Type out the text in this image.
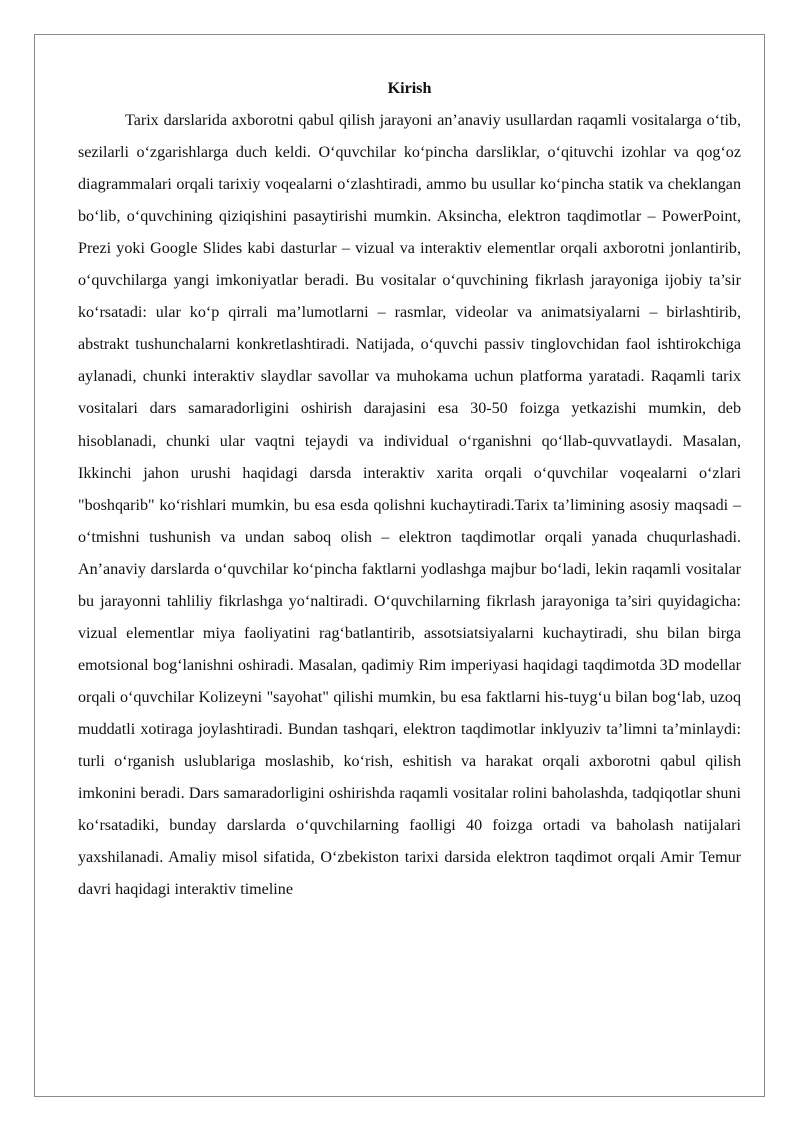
Kirish

Tarix darslarida axborotni qabul qilish jarayoni an’anaviy usullardan raqamli vositalarga o‘tib, sezilarli o‘zgarishlarga duch keldi. O‘quvchilar ko‘pincha darsliklar, o‘qituvchi izohlar va qog‘oz diagrammalari orqali tarixiy voqealarni o‘zlashtiradi, ammo bu usullar ko‘pincha statik va cheklangan bo‘lib, o‘quvchining qiziqishini pasaytirishi mumkin. Aksincha, elektron taqdimotlar – PowerPoint, Prezi yoki Google Slides kabi dasturlar – vizual va interaktiv elementlar orqali axborotni jonlantirib, o‘quvchilarga yangi imkoniyatlar beradi. Bu vositalar o‘quvchining fikrlash jarayoniga ijobiy ta’sir ko‘rsatadi: ular ko‘p qirrali ma’lumotlarni – rasmlar, videolar va animatsiyalarni – birlashtirib, abstrakt tushunchalarni konkretlashtiradi. Natijada, o‘quvchi passiv tinglovchidan faol ishtirokchiga aylanadi, chunki interaktiv slaydlar savollar va muhokama uchun platforma yaratadi. Raqamli tarix vositalari dars samaradorligini oshirish darajasini esa 30-50 foizga yetkazishi mumkin, deb hisoblanadi, chunki ular vaqtni tejaydi va individual o‘rganishni qo‘llab-quvvatlaydi. Masalan, Ikkinchi jahon urushi haqidagi darsda interaktiv xarita orqali o‘quvchilar voqealarni o‘zlari "boshqarib" ko‘rishlari mumkin, bu esa esda qolishni kuchaytiradi.Tarix ta’limining asosiy maqsadi – o‘tmishni tushunish va undan saboq olish – elektron taqdimotlar orqali yanada chuqurlashadi. An’anaviy darslarda o‘quvchilar ko‘pincha faktlarni yodlashga majbur bo‘ladi, lekin raqamli vositalar bu jarayonni tahliliy fikrlashga yo‘naltiradi. O‘quvchilarning fikrlash jarayoniga ta’siri quyidagicha: vizual elementlar miya faoliyatini rag‘batlantirib, assotsiatsiyalarni kuchaytiradi, shu bilan birga emotsional bog‘lanishni oshiradi. Masalan, qadimiy Rim imperiyasi haqidagi taqdimotda 3D modellar orqali o‘quvchilar Kolizeyni "sayohat" qilishi mumkin, bu esa faktlarni his-tuyg‘u bilan bog‘lab, uzoq muddatli xotiraga joylashtiradi. Bundan tashqari, elektron taqdimotlar inklyuziv ta’limni ta’minlaydi: turli o‘rganish uslublariga moslashib, ko‘rish, eshitish va harakat orqali axborotni qabul qilish imkonini beradi. Dars samaradorligini oshirishda raqamli vositalar rolini baholashda, tadqiqotlar shuni ko‘rsatadiki, bunday darslarda o‘quvchilarning faolligi 40 foizga ortadi va baholash natijalari yaxshilanadi. Amaliy misol sifatida, O‘zbekiston tarixi darsida elektron taqdimot orqali Amir Temur davri haqidagi interaktiv timeline
